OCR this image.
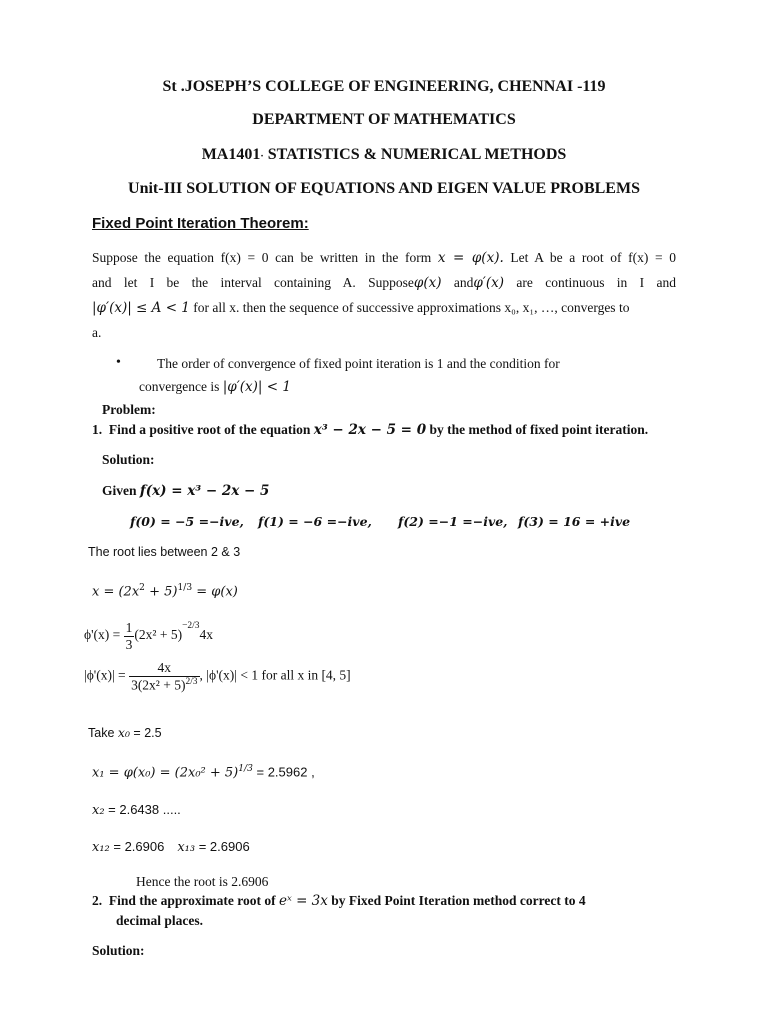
St .JOSEPH’S COLLEGE OF ENGINEERING, CHENNAI -119
DEPARTMENT OF MATHEMATICS
MA1401· STATISTICS & NUMERICAL METHODS
Unit-III SOLUTION OF EQUATIONS AND EIGEN VALUE PROBLEMS
Fixed Point Iteration Theorem:
Suppose the equation f(x) = 0 can be written in the form x = φ(x). Let A be a root of f(x) = 0
and let I be the interval containing A. Supposeφ(x) andφ′(x) are continuous in I and
|φ′(x)| ≤ A < 1 for all x. then the sequence of successive approximations x₀, x₁, …, converges to
a.
•	The order of convergence of fixed point iteration is 1 and the condition for
convergence is |φ′(x)| < 1
Problem:
1. Find a positive root of the equation x³ − 2x − 5 = 0 by the method of fixed point iteration.
Solution:
Given f(x) = x³ − 2x − 5
f(0) = −5 =−ive, f(1) = −6 =−ive, f(2) =−1 =−ive, f(3) = 16 = +ive
The root lies between 2 & 3
$x = (2x^2 + 5)^{1/3} = \varphi(x)$
$\phi'(x) = \frac{1}{3} (2x^2 + 5)^{-2/3}4x$
$|\phi'(x)| = \frac{4x}{3(2x^2 + 5)^{2/3}}$ , |ϕ'(x)| < 1 for all x in [4, 5]
Take x₀ = 2.5
$x_1 = \varphi(x_0) = (2x_0^2 + 5)^{1/3} = 2.5962$ ,
x₂ = 2.6438 .....
x₁₂ = 2.6906 x₁₃ = 2.6906
Hence the root is 2.6906
2. Find the approximate root of eˣ = 3x by Fixed Point Iteration method correct to 4
decimal places.
Solution:
